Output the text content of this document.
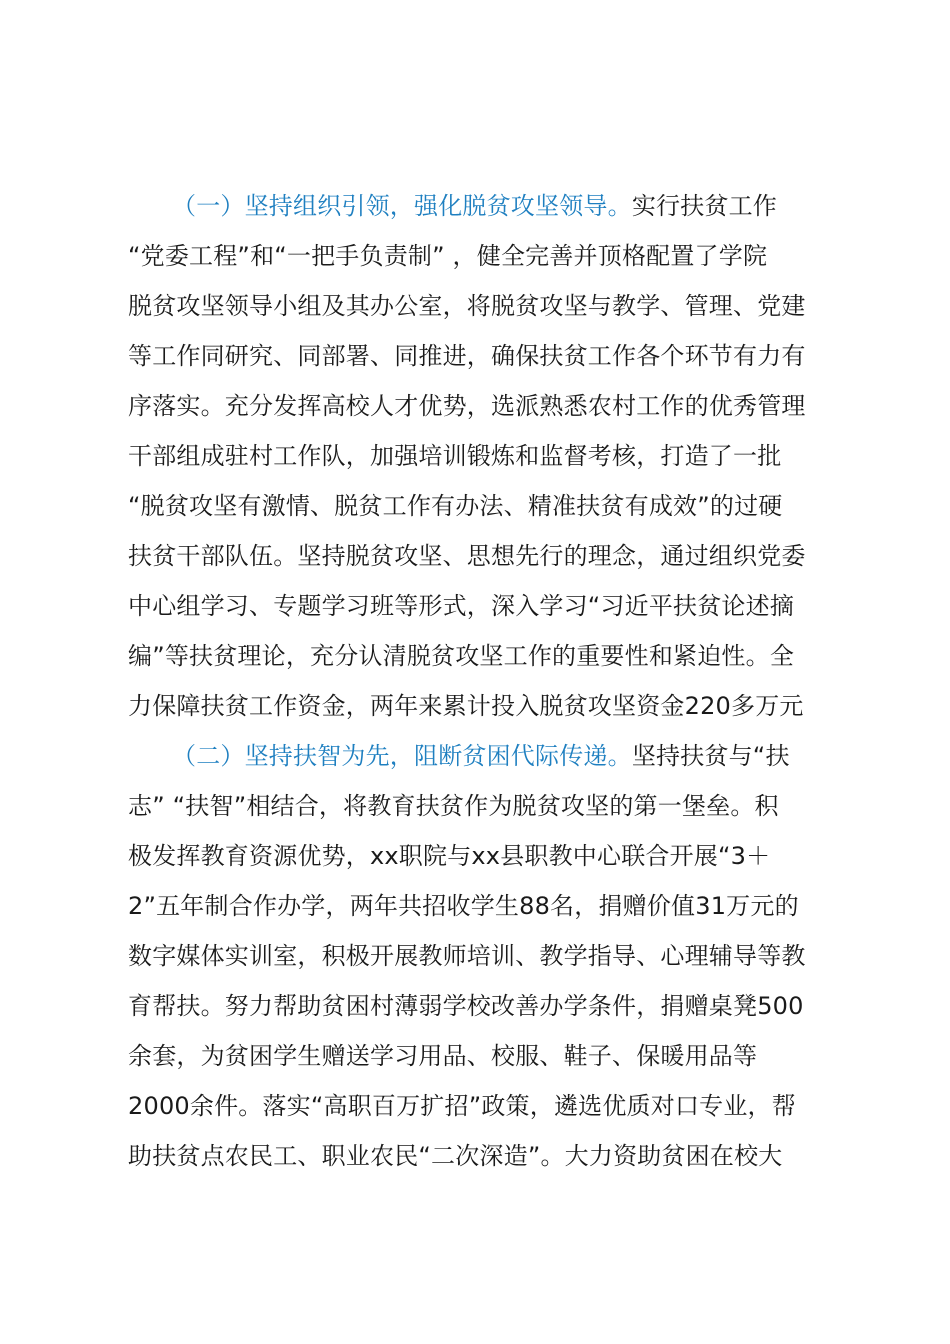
（一）坚持组织引领，强化脱贫攻坚领导。实行扶贫工作
“党委工程”和“一把手负责制” ，健全完善并顶格配置了学院
脱贫攻坚领导小组及其办公室，将脱贫攻坚与教学、管理、党建
等工作同研究、同部署、同推进，确保扶贫工作各个环节有力有
序落实。充分发挥高校人才优势，选派熟悉农村工作的优秀管理
干部组成驻村工作队，加强培训锻炼和监督考核，打造了一批
“脱贫攻坚有激情、脱贫工作有办法、精准扶贫有成效”的过硬
扶贫干部队伍。坚持脱贫攻坚、思想先行的理念，通过组织党委
中心组学习、专题学习班等形式，深入学习“习近平扶贫论述摘
编”等扶贫理论，充分认清脱贫攻坚工作的重要性和紧迫性。全
力保障扶贫工作资金，两年来累计投入脱贫攻坚资金220多万元
（二）坚持扶智为先，阻断贫困代际传递。坚持扶贫与“扶
志” “扶智”相结合，将教育扶贫作为脱贫攻坚的第一堡垒。积
极发挥教育资源优势，xx职院与xx县职教中心联合开展“3＋
2”五年制合作办学，两年共招收学生88名，捐赠价值31万元的
数字媒体实训室，积极开展教师培训、教学指导、心理辅导等教
育帮扶。努力帮助贫困村薄弱学校改善办学条件，捐赠桌凳500
余套，为贫困学生赠送学习用品、校服、鞋子、保暖用品等
2000余件。落实“高职百万扩招”政策，遴选优质对口专业，帮
助扶贫点农民工、职业农民“二次深造”。大力资助贫困在校大
